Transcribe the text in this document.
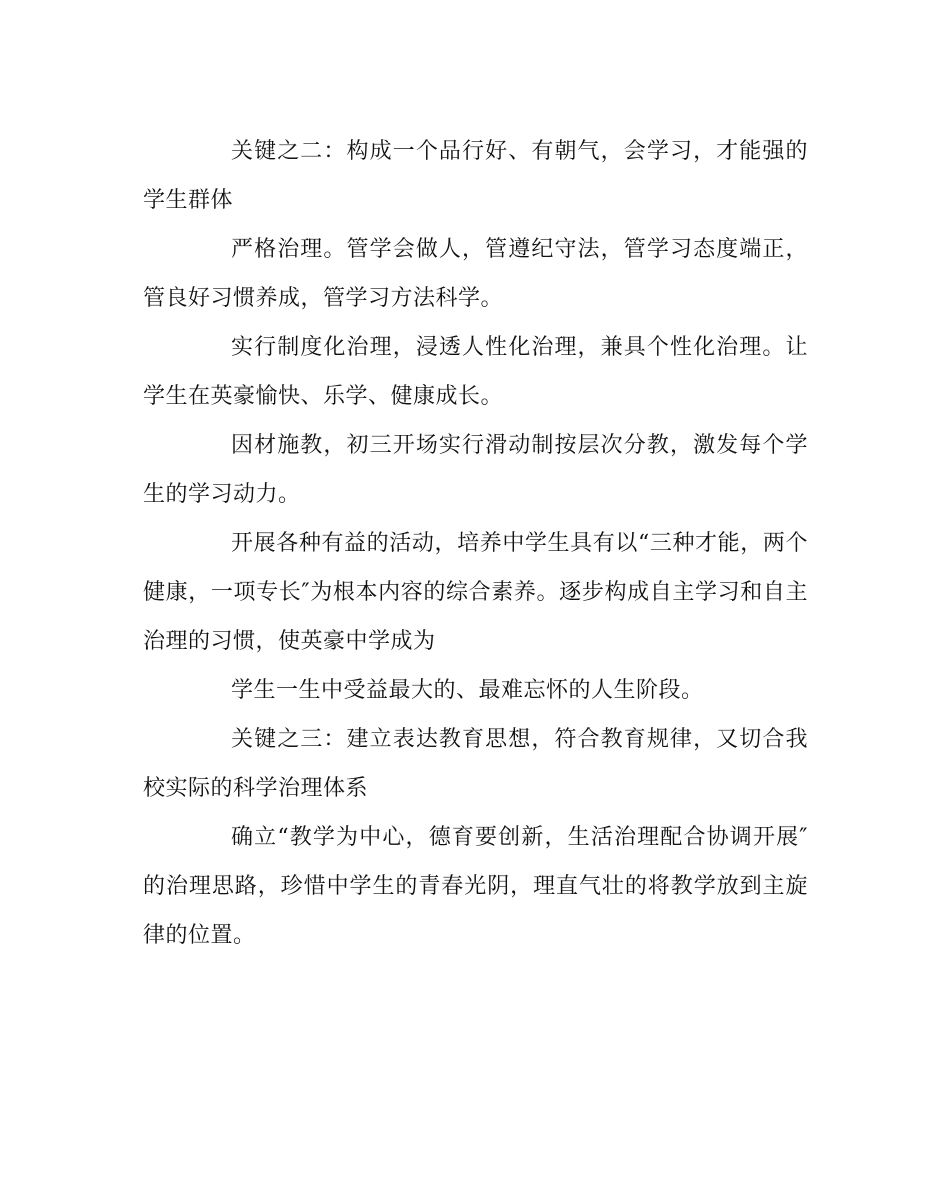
关键之二：构成一个品行好、有朝气，会学习，才能强的学生群体

严格治理。管学会做人，管遵纪守法，管学习态度端正，管良好习惯养成，管学习方法科学。

实行制度化治理，浸透人性化治理，兼具个性化治理。让学生在英豪愉快、乐学、健康成长。

因材施教，初三开场实行滑动制按层次分教，激发每个学生的学习动力。

开展各种有益的活动，培养中学生具有以“三种才能，两个健康，一项专长″为根本内容的综合素养。逐步构成自主学习和自主治理的习惯，使英豪中学成为

学生一生中受益最大的、最难忘怀的人生阶段。

关键之三：建立表达教育思想，符合教育规律，又切合我校实际的科学治理体系

确立“教学为中心，德育要创新，生活治理配合协调开展″的治理思路，珍惜中学生的青春光阴，理直气壮的将教学放到主旋律的位置。
